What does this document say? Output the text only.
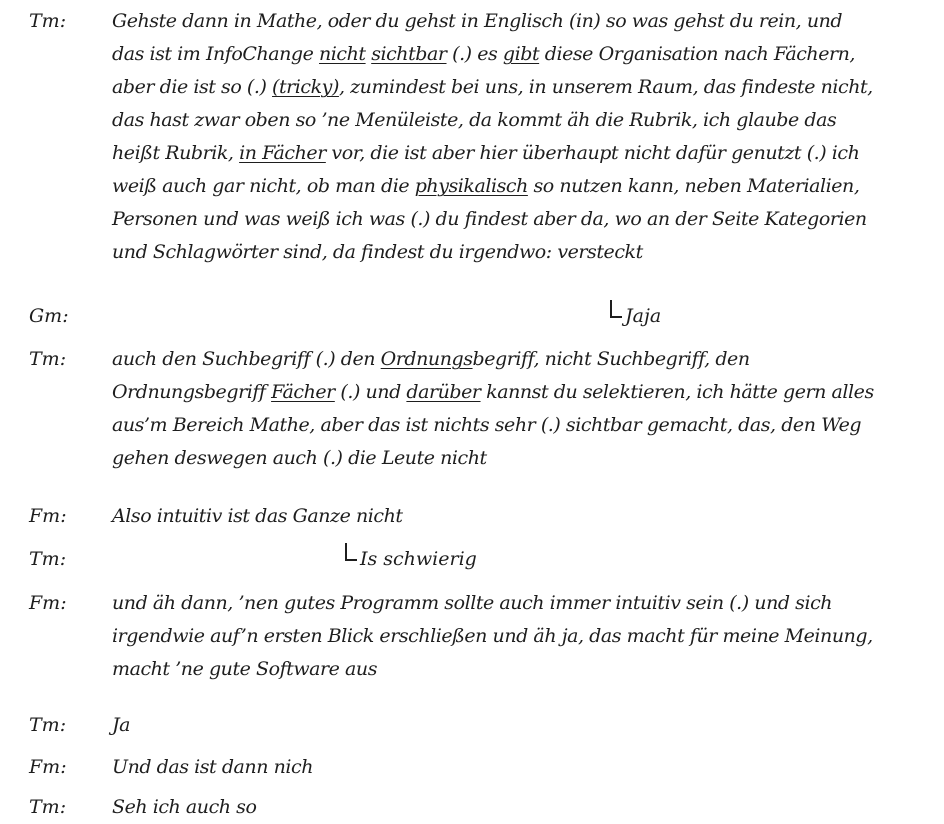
Tm:	Gehste dann in Mathe, oder du gehst in Englisch (in) so was gehst du rein, und
das ist im InfoChange nicht sichtbar (.) es gibt diese Organisation nach Fächern,
aber die ist so (.) (tricky), zumindest bei uns, in unserem Raum, das findeste nicht,
das hast zwar oben so ’ne Menüleiste, da kommt äh die Rubrik, ich glaube das
heißt Rubrik, in Fächer vor, die ist aber hier überhaupt nicht dafür genutzt (.) ich
weiß auch gar nicht, ob man die physikalisch so nutzen kann, neben Materialien,
Personen und was weiß ich was (.) du findest aber da, wo an der Seite Kategorien
und Schlagwörter sind, da findest du irgendwo: versteckt
Gm:	Jaja
Tm:	auch den Suchbegriff (.) den Ordnungsbegriff, nicht Suchbegriff, den
Ordnungsbegriff Fächer (.) und darüber kannst du selektieren, ich hätte gern alles
aus’m Bereich Mathe, aber das ist nichts sehr (.) sichtbar gemacht, das, den Weg
gehen deswegen auch (.) die Leute nicht
Fm:	Also intuitiv ist das Ganze nicht
Tm:	Is schwierig
Fm:	und äh dann, ’nen gutes Programm sollte auch immer intuitiv sein (.) und sich
irgendwie auf’n ersten Blick erschließen und äh ja, das macht für meine Meinung,
macht ’ne gute Software aus
Tm:	Ja
Fm:	Und das ist dann nich
Tm:	Seh ich auch so
